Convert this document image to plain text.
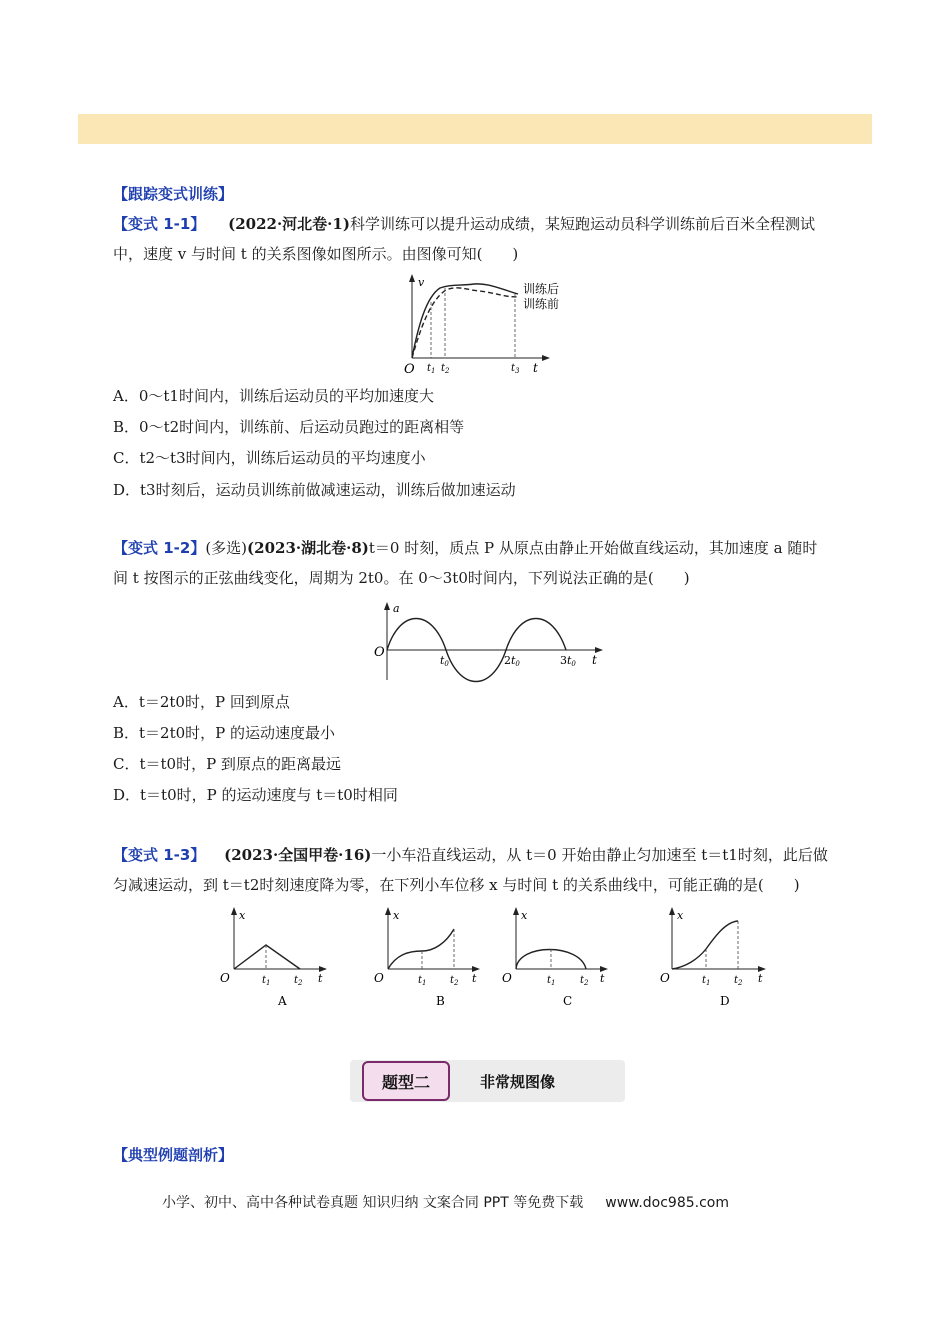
【跟踪变式训练】
【变式 1-1】 (2022·河北卷·1)科学训练可以提升运动成绩，某短跑运动员科学训练前后百米全程测试
中，速度 v 与时间 t 的关系图像如图所示。由图像可知(　　)
v
t
O $t_1$ $t_2$	$t_3$
训练后
训练前
A．0～t1时间内，训练后运动员的平均加速度大
B．0～t2时间内，训练前、后运动员跑过的距离相等
C．t2～t3时间内，训练后运动员的平均速度小
D．t3时刻后，运动员训练前做减速运动，训练后做加速运动
【变式 1-2】(多选)(2023·湖北卷·8)t＝0 时刻，质点 P 从原点由静止开始做直线运动，其加速度 a 随时
间 t 按图示的正弦曲线变化，周期为 2t0。在 0～3t0时间内，下列说法正确的是(　　)
a
t
O
t0	2t0	3t0
A．t＝2t0时，P 回到原点
B．t＝2t0时，P 的运动速度最小
C．t＝t0时，P 到原点的距离最远
D．t＝t0时，P 的运动速度与 t＝t0时相同
【变式 1-3】 (2023·全国甲卷·16)一小车沿直线运动，从 t＝0 开始由静止匀加速至 t＝t1时刻，此后做
匀减速运动，到 t＝t2时刻速度降为零，在下列小车位移 x 与时间 t 的关系曲线中，可能正确的是(　　)
x
t
O	$t_1$ $t_2$
A
x
t
O	$t_1$ $t_2$
B
x
t
O	$t_1$ $t_2$
C
x
t
O	$t_1$ $t_2$
D
题型二	非常规图像
【典型例题剖析】
小学、初中、高中各种试卷真题 知识归纳 文案合同 PPT 等免费下载 www.doc985.com
